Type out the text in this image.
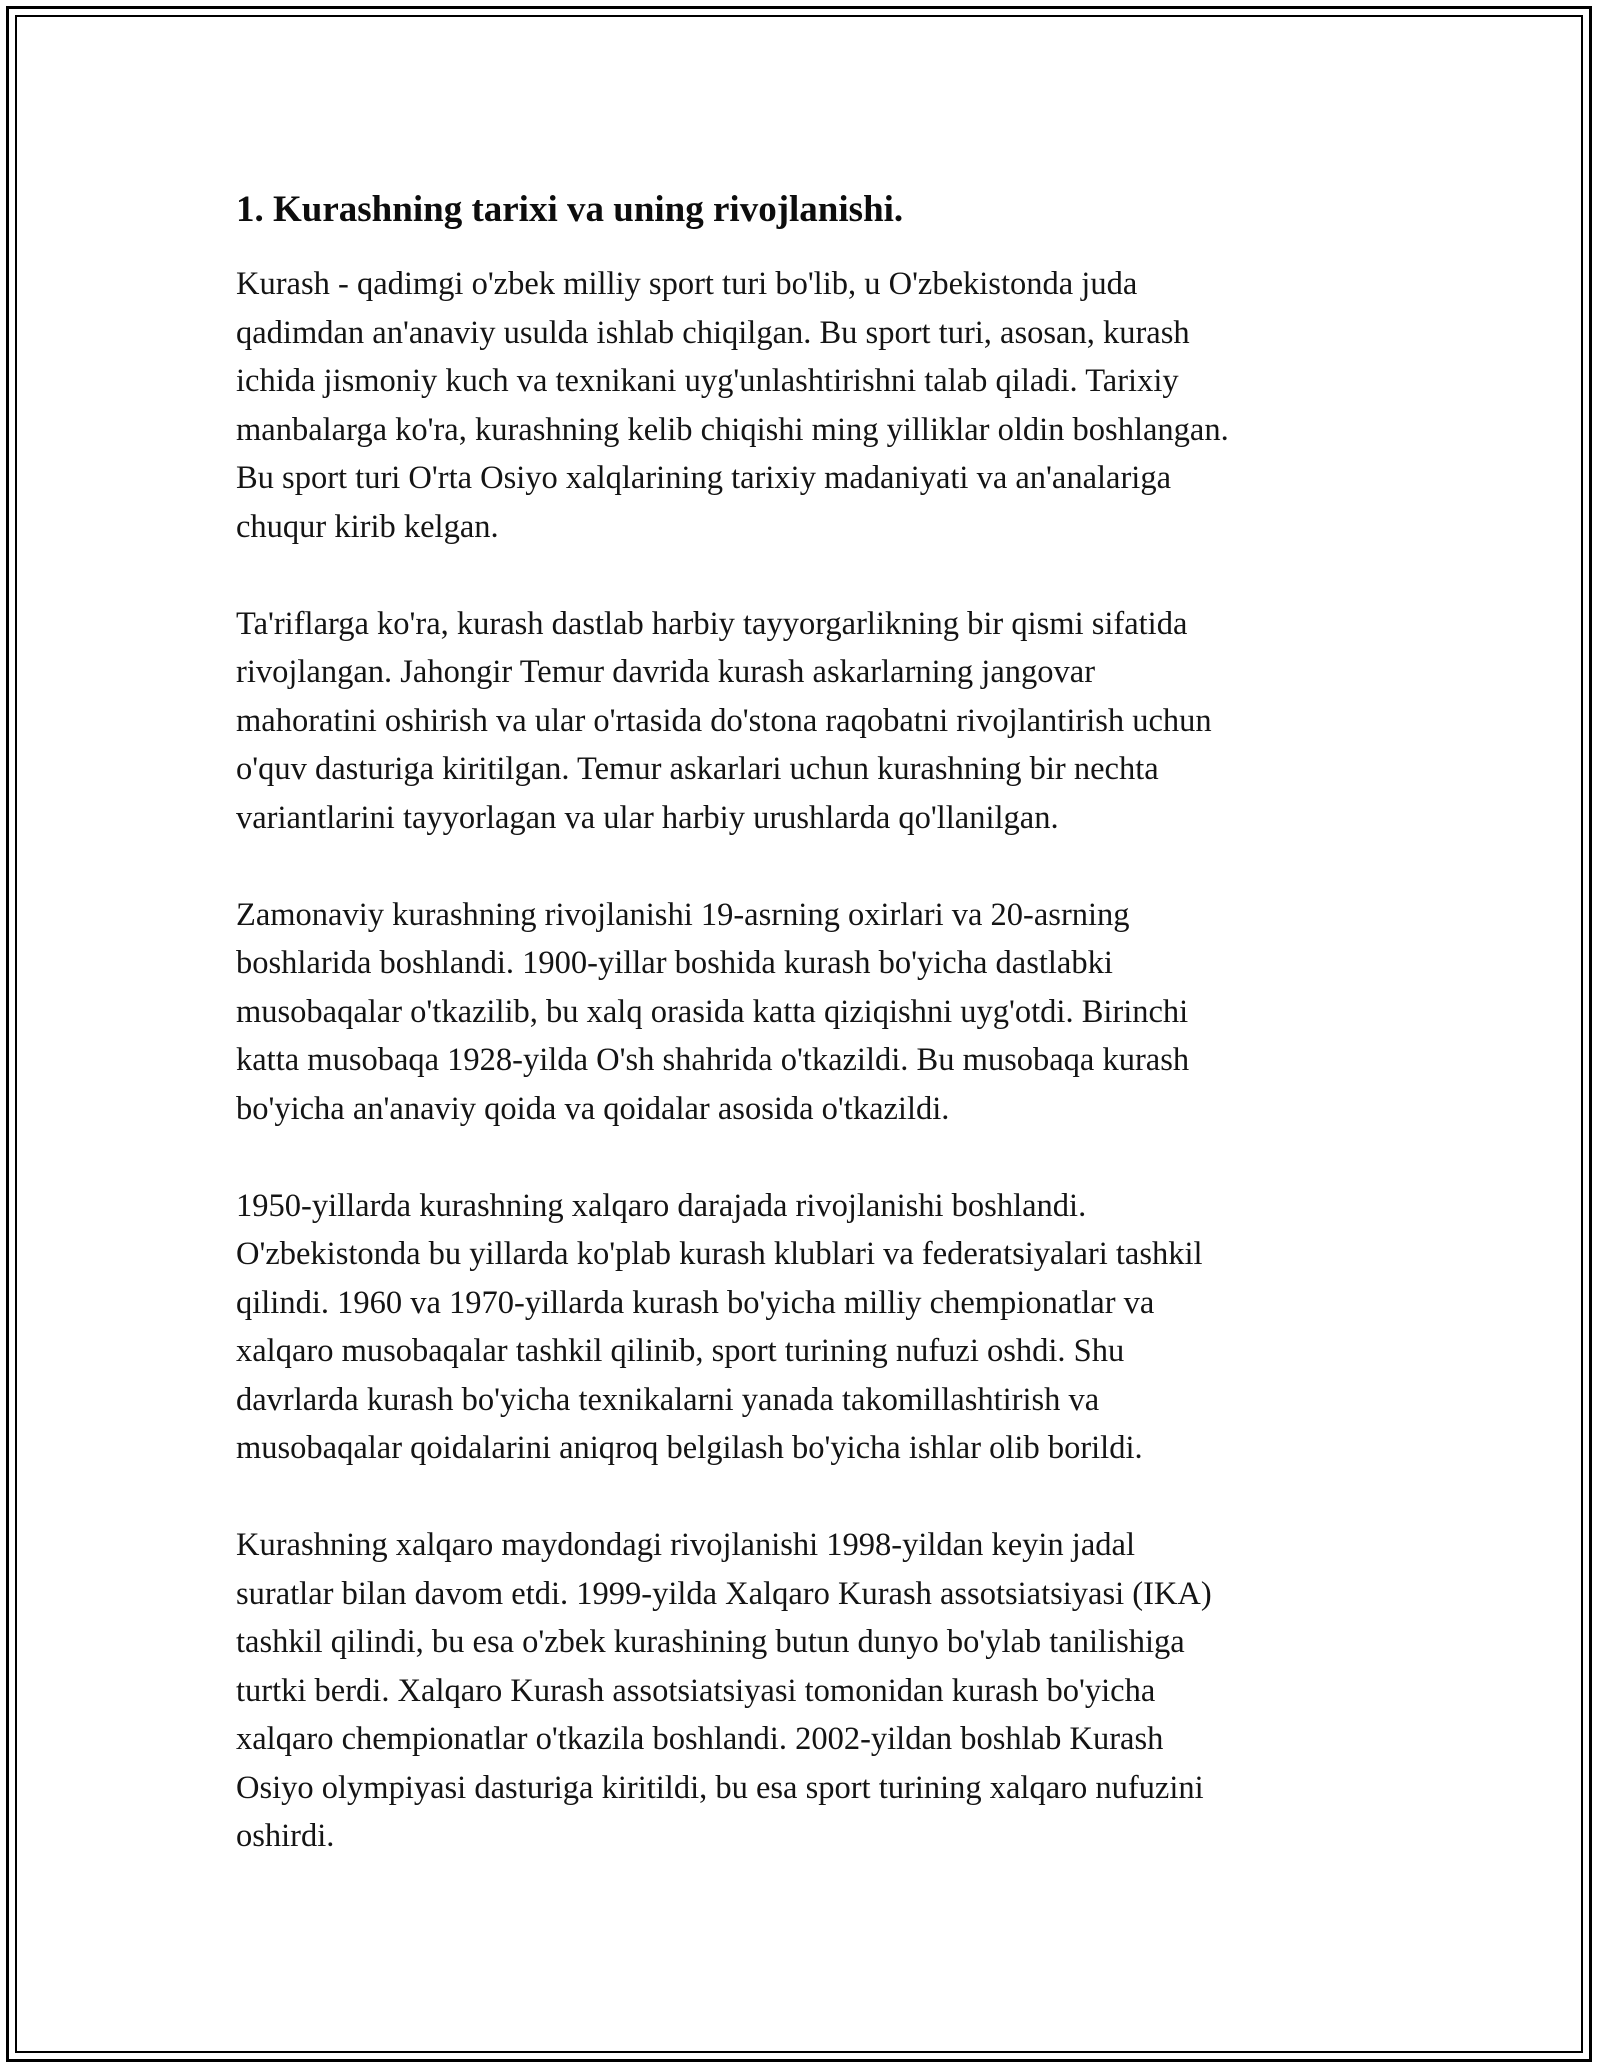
1. Kurashning tarixi va uning rivojlanishi.
Kurash - qadimgi o'zbek milliy sport turi bo'lib, u O'zbekistonda juda
qadimdan an'anaviy usulda ishlab chiqilgan. Bu sport turi, asosan, kurash
ichida jismoniy kuch va texnikani uyg'unlashtirishni talab qiladi. Tarixiy
manbalarga ko'ra, kurashning kelib chiqishi ming yilliklar oldin boshlangan.
Bu sport turi O'rta Osiyo xalqlarining tarixiy madaniyati va an'analariga
chuqur kirib kelgan.
Ta'riflarga ko'ra, kurash dastlab harbiy tayyorgarlikning bir qismi sifatida
rivojlangan. Jahongir Temur davrida kurash askarlarning jangovar
mahoratini oshirish va ular o'rtasida do'stona raqobatni rivojlantirish uchun
o'quv dasturiga kiritilgan. Temur askarlari uchun kurashning bir nechta
variantlarini tayyorlagan va ular harbiy urushlarda qo'llanilgan.
Zamonaviy kurashning rivojlanishi 19-asrning oxirlari va 20-asrning
boshlarida boshlandi. 1900-yillar boshida kurash bo'yicha dastlabki
musobaqalar o'tkazilib, bu xalq orasida katta qiziqishni uyg'otdi. Birinchi
katta musobaqa 1928-yilda O'sh shahrida o'tkazildi. Bu musobaqa kurash
bo'yicha an'anaviy qoida va qoidalar asosida o'tkazildi.
1950-yillarda kurashning xalqaro darajada rivojlanishi boshlandi.
O'zbekistonda bu yillarda ko'plab kurash klublari va federatsiyalari tashkil
qilindi. 1960 va 1970-yillarda kurash bo'yicha milliy chempionatlar va
xalqaro musobaqalar tashkil qilinib, sport turining nufuzi oshdi. Shu
davrlarda kurash bo'yicha texnikalarni yanada takomillashtirish va
musobaqalar qoidalarini aniqroq belgilash bo'yicha ishlar olib borildi.
Kurashning xalqaro maydondagi rivojlanishi 1998-yildan keyin jadal
suratlar bilan davom etdi. 1999-yilda Xalqaro Kurash assotsiatsiyasi (IKA)
tashkil qilindi, bu esa o'zbek kurashining butun dunyo bo'ylab tanilishiga
turtki berdi. Xalqaro Kurash assotsiatsiyasi tomonidan kurash bo'yicha
xalqaro chempionatlar o'tkazila boshlandi. 2002-yildan boshlab Kurash
Osiyo olympiyasi dasturiga kiritildi, bu esa sport turining xalqaro nufuzini
oshirdi.
